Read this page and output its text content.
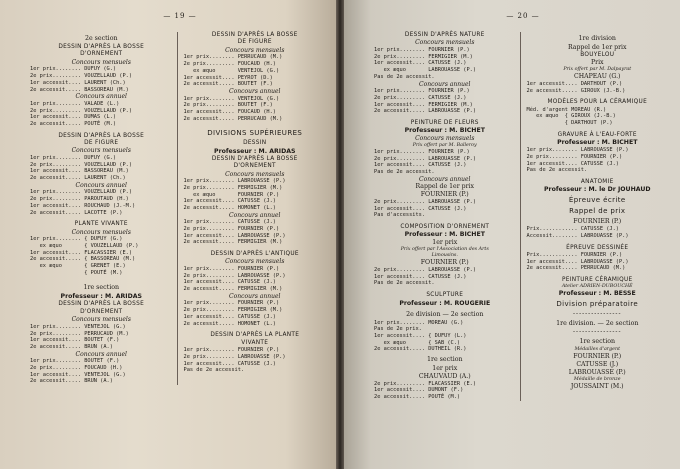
— 19 —
2e section
DESSIN D'APRÈS LA BOSSE
D'ORNEMENT
Concours mensuels
1er prix........ DUFUY (G.)
2e prix......... VOUZELLAUD (P.)
1er accessit.... LAURENT (Ch.)
2e accessit..... BASSOREAU (M.)
Concours annuel
1er prix........ VALADE (L.)
2e prix......... VOUZELLAUD (P.)
1er accessit.... DUMAS (L.)
2e accessit..... POUTÉ (M.)
DESSIN D'APRÈS LA BOSSE
DE FIGURE
Concours mensuels
1er prix........ DUFUY (G.)
2e prix......... VOUZELLAUD (P.)
1er accessit.... BASSOREAU (M.)
2e accessit..... LAURENT (Ch.)
Concours annuel
1er prix........ VOUZELLAUD (P.)
2e prix......... PAROUTAUD (H.)
1er accessit.... ROUCHAUD (J.-M.)
2e accessit..... LACOTTE (P.)
PLANTE VIVANTE
Concours mensuels
1er prix........ { DUFUY (G.)
ex æquo       { VOUZELLAUD (P.)
1er accessit.... FLACASSIER (E.)
2e accessit..... { BASSOREAU (M.)
ex æquo       { GRENET (E.)
{ POUTÉ (M.)
1re section
Professeur : M. ARIDAS
DESSIN D'APRÈS LA BOSSE
D'ORNEMENT
Concours mensuels
1er prix........ VENTEJOL (G.)
2e prix......... PERRUCAUD (M.)
1er accessit.... BOUTET (F.)
2e accessit..... BRUN (A.)
Concours annuel
1er prix........ BOUTET (F.)
2e prix......... FOUCAUD (H.)
1er accessit.... VENTEJOL (G.)
2e accessit..... BRUN (A.)
DESSIN D'APRÈS LA BOSSE
DE FIGURE
Concours mensuels
1er prix........ PERRUCAUD (M.)
2e prix......... FOUCAUD (H.)
ex æquo       VENTEJOL (G.)
1er accessit.... PEYROT (D.)
2e accessit..... BOUTET (F.)
Concours annuel
1er prix........ VENTEJOL (G.)
2e prix......... BOUTET (F.)
1er accessit.... FOUCAUD (H.)
2e accessit..... PERRUCAUD (M.)
DIVISIONS SUPÉRIEURES
DESSIN
Professeur : M. ARIDAS
DESSIN D'APRÈS LA BOSSE
D'ORNEMENT
Concours mensuels
1er prix........ LABROUASSE (P.)
2e prix......... FERMIGIER (M.)
ex æquo       FOURNIER (P.)
1er accessit.... CATUSSE (J.)
2e accessit..... HOMONET (L.)
Concours annuel
1er prix........ CATUSSE (J.)
2e prix......... FOURNIER (P.)
1er accessit.... LABROUASSE (P.)
2e accessit..... FERMIGIER (M.)
DESSIN D'APRÈS L'ANTIQUE
Concours mensuels
1er prix........ FOURNIER (P.)
2e prix......... LABROUASSE (P.)
1er accessit.... CATUSSE (J.)
2e accessit..... FERMIGIER (M.)
Concours annuel
1er prix........ FOURNIER (P.)
2e prix......... FERMIGIER (M.)
1er accessit.... CATUSSE (J.)
2e accessit..... HOMONET (L.)
DESSIN D'APRÈS LA PLANTE
VIVANTE
1er prix........ FOURNIER (P.)
2e prix......... LABROUASSE (P.)
1er accessit.... CATUSSE (J.)
Pas de 2e accessit.
— 20 —
DESSIN D'APRÈS NATURE
Concours mensuels
1er prix........ FOURNIER (P.)
2e prix......... FERMIGIER (M.)
1er accessit.... CATUSSE (J.)
ex æquo       LABROUASSE (P.)
Pas de 2e accessit.
Concours annuel
1er prix........ FOURNIER (P.)
2e prix......... CATUSSE (J.)
1er accessit.... FERMIGIER (M.)
2e accessit..... LABROUASSE (P.)
PEINTURE DE FLEURS
Professeur : M. BICHET
Concours mensuels
Prix offert par M. Balleroy
1er prix........ FOURNIER (P.)
2e prix......... LABROUASSE (P.)
1er accessit.... CATUSSE (J.)
Pas de 2e accessit.
Concours annuel
Rappel de 1er prix
FOURNIER (P.)
2e prix......... LABROUASSE (P.)
1er accessit.... CATUSSE (J.)
Pas d'accessits.
COMPOSITION D'ORNEMENT
Professeur : M. BICHET
1er prix
Prix offert par l'Association des Arts
Limousins.
FOURNIER (P.)
2e prix......... LABROUASSE (P.)
1er accessit.... CATUSSE (J.)
Pas de 2e accessit.
SCULPTURE
Professeur : M. ROUGERIE
2e division — 2e section
1er prix........ MOREAU (G.)
Pas de 2e prix.
1er accessit.... { DUFUY (L.)
ex æquo       { SAB (C.)
2e accessit..... DUTHEIL (R.)
1re section
1er prix
CHAUVAUD (A.)
2e prix......... FLACASSIER (E.)
1er accessit.... DUMONT (F.)
2e accessit..... POUTÉ (M.)
1re division
Rappel de 1er prix
BOUYELOU
Prix
Prix offert par M. Dalpayrat
CHAPEAU (G.)
1er accessit.... DARTHOUT (P.)
2e accessit..... GIROUX (J.-B.)
MODÈLES POUR LA CÉRAMIQUE
Méd. d'argent MOREAU (R.)
ex æquo  { GIROUX (J.-B.)
{ DARTHOUT (P.)
GRAVURE À L'EAU-FORTE
Professeur : M. BICHET
1er prix........ LABROUASSE (P.)
2e prix......... FOURNIER (P.)
1er accessit.... CATUSSE (J.)
Pas de 2e accessit.
ANATOMIE
Professeur : M. le Dr JOUHAUD
Épreuve écrite
Rappel de prix
FOURNIER (P.)
Prix............ CATUSSE (J.)
Accessit........ LABROUASSE (P.)
ÉPREUVE DESSINÉE
Prix............ FOURNIER (P.)
1er accessit.... LABROUASSE (P.)
2e accessit..... PERRUCAUD (M.)
PEINTURE CÉRAMIQUE
Atelier ADRIEN-DUBOUCHÉ
Professeur : M. BESSE
Division préparatoire
----------------
1re division. — 2e section
----------------
1re section
Médailles d'argent
FOURNIER (P.)
CATUSSE (J.)
LABROUASSE (P.)
Médaille de bronze
JOUSSAINT (M.)
